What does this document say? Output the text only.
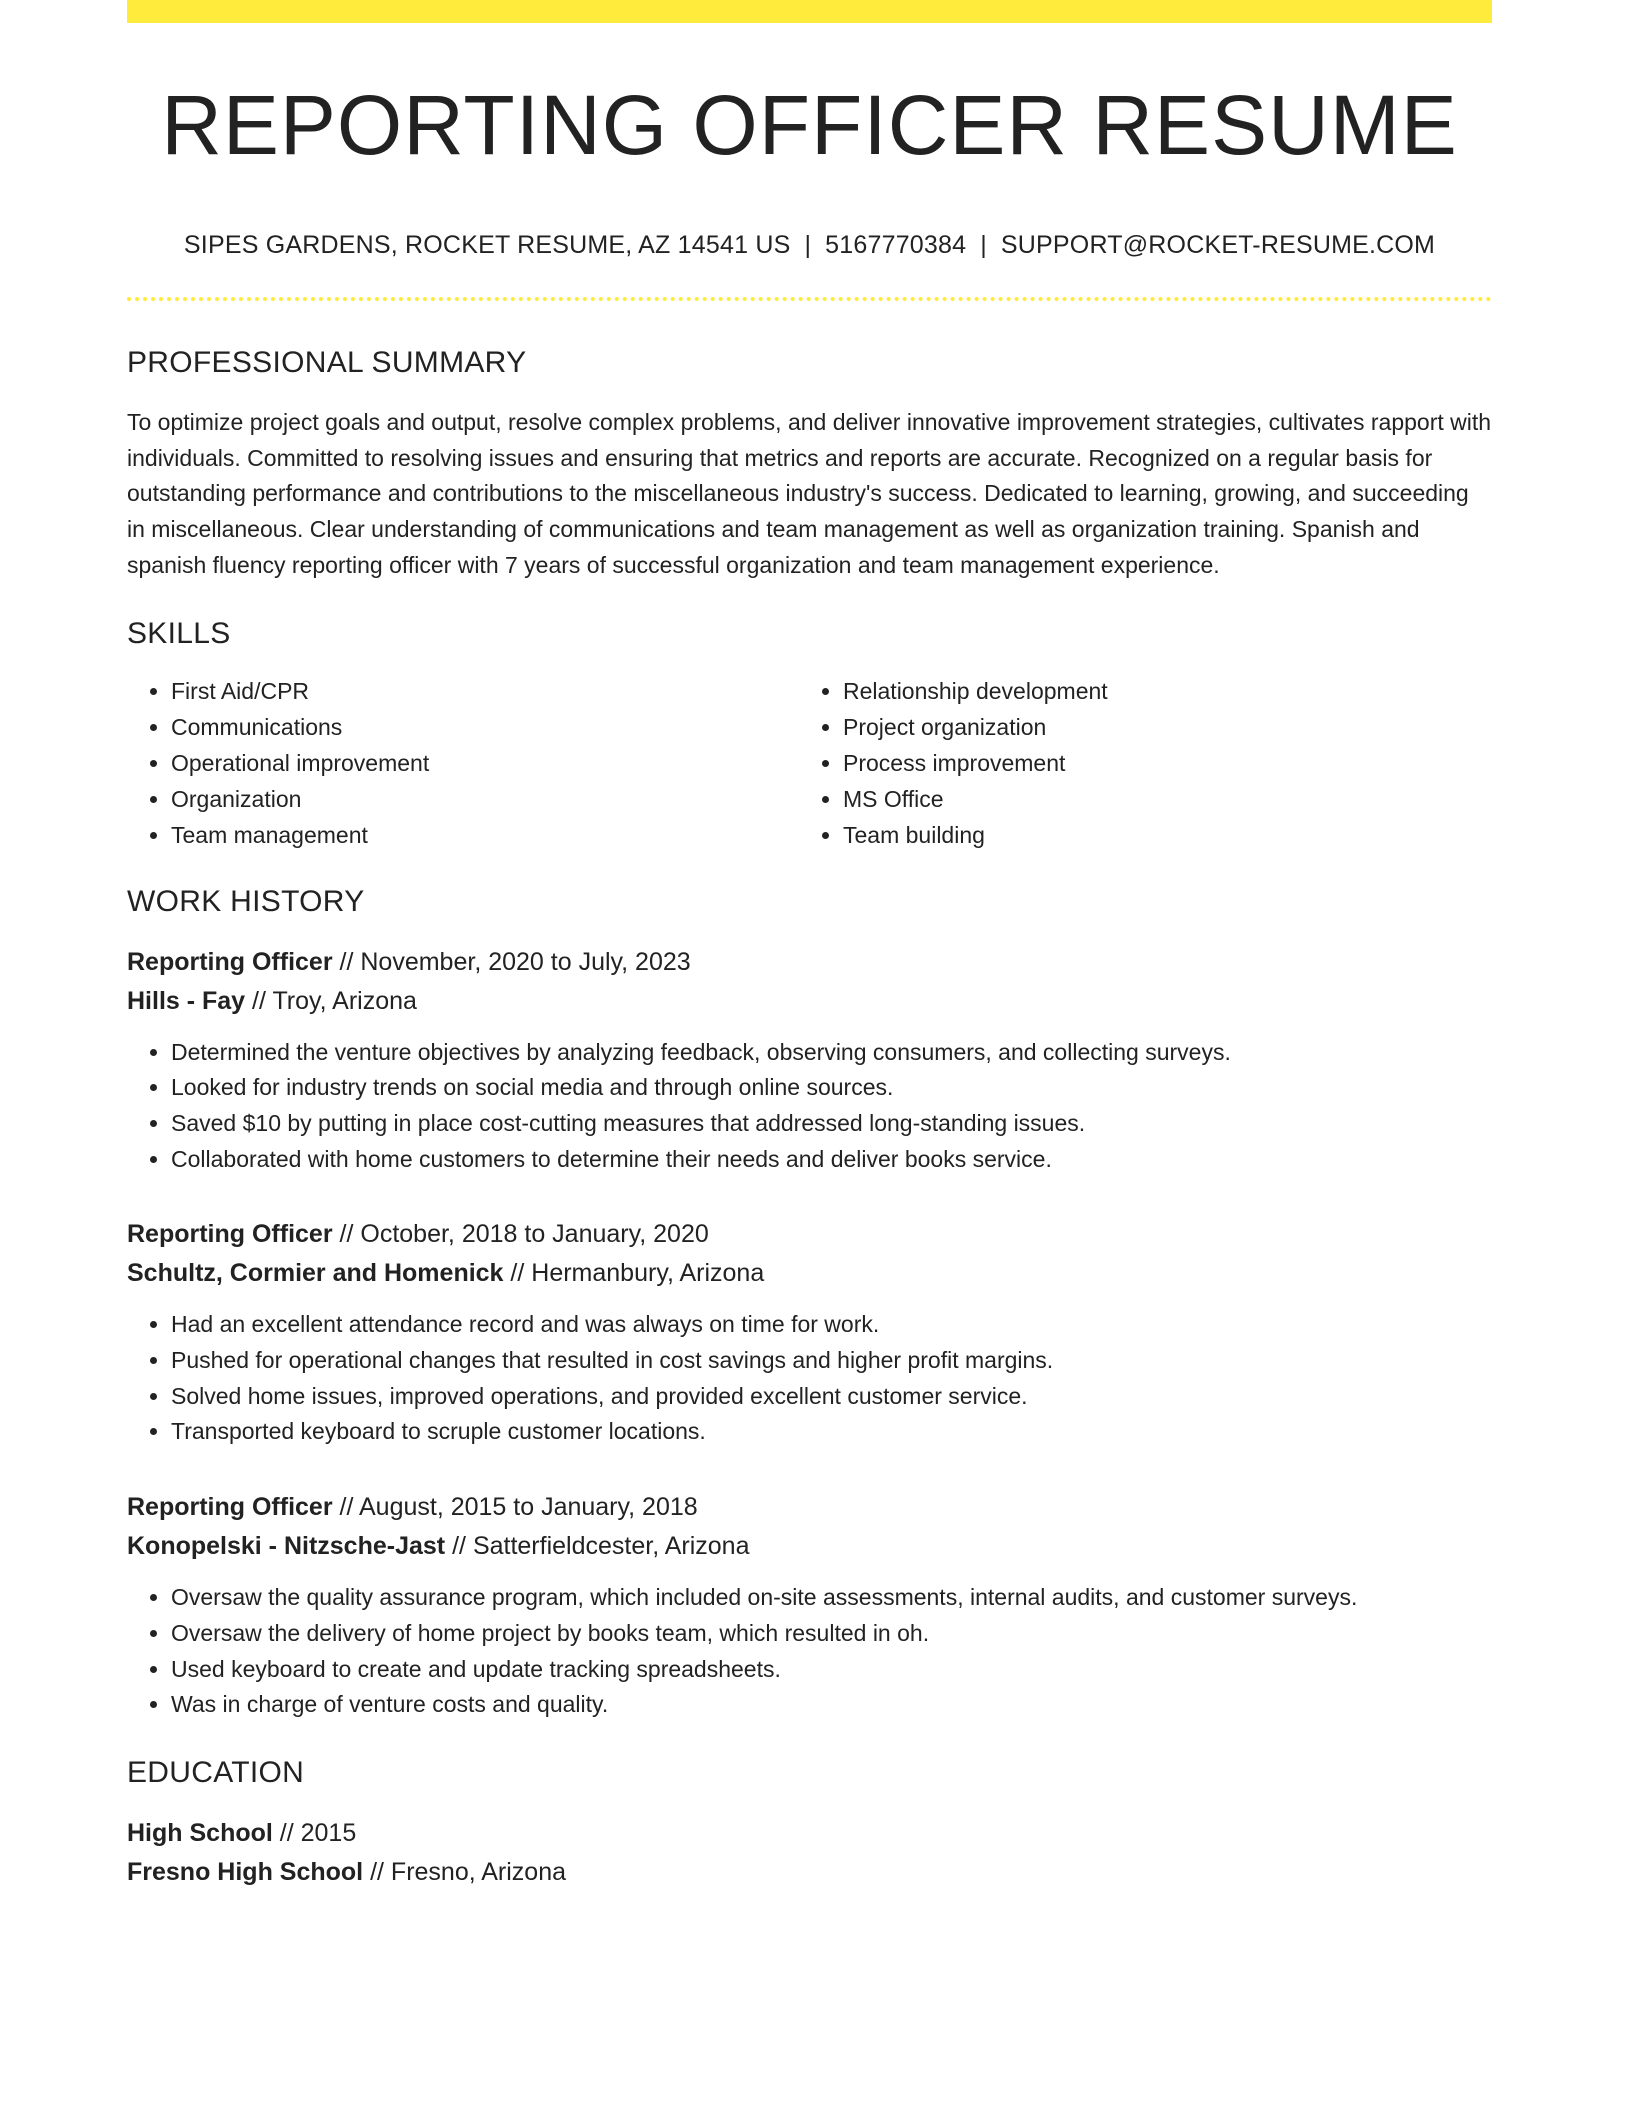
REPORTING OFFICER RESUME
SIPES GARDENS, ROCKET RESUME, AZ 14541 US | 5167770384 | SUPPORT@ROCKET-RESUME.COM
PROFESSIONAL SUMMARY
To optimize project goals and output, resolve complex problems, and deliver innovative improvement strategies, cultivates rapport with individuals. Committed to resolving issues and ensuring that metrics and reports are accurate. Recognized on a regular basis for outstanding performance and contributions to the miscellaneous industry's success. Dedicated to learning, growing, and succeeding in miscellaneous. Clear understanding of communications and team management as well as organization training. Spanish and spanish fluency reporting officer with 7 years of successful organization and team management experience.
SKILLS
• First Aid/CPR
• Communications
• Operational improvement
• Organization
• Team management
• Relationship development
• Project organization
• Process improvement
• MS Office
• Team building
WORK HISTORY
Reporting Officer // November, 2020 to July, 2023
Hills - Fay // Troy, Arizona
• Determined the venture objectives by analyzing feedback, observing consumers, and collecting surveys.
• Looked for industry trends on social media and through online sources.
• Saved $10 by putting in place cost-cutting measures that addressed long-standing issues.
• Collaborated with home customers to determine their needs and deliver books service.
Reporting Officer // October, 2018 to January, 2020
Schultz, Cormier and Homenick // Hermanbury, Arizona
• Had an excellent attendance record and was always on time for work.
• Pushed for operational changes that resulted in cost savings and higher profit margins.
• Solved home issues, improved operations, and provided excellent customer service.
• Transported keyboard to scruple customer locations.
Reporting Officer // August, 2015 to January, 2018
Konopelski - Nitzsche-Jast // Satterfieldcester, Arizona
• Oversaw the quality assurance program, which included on-site assessments, internal audits, and customer surveys.
• Oversaw the delivery of home project by books team, which resulted in oh.
• Used keyboard to create and update tracking spreadsheets.
• Was in charge of venture costs and quality.
EDUCATION
High School // 2015
Fresno High School // Fresno, Arizona
